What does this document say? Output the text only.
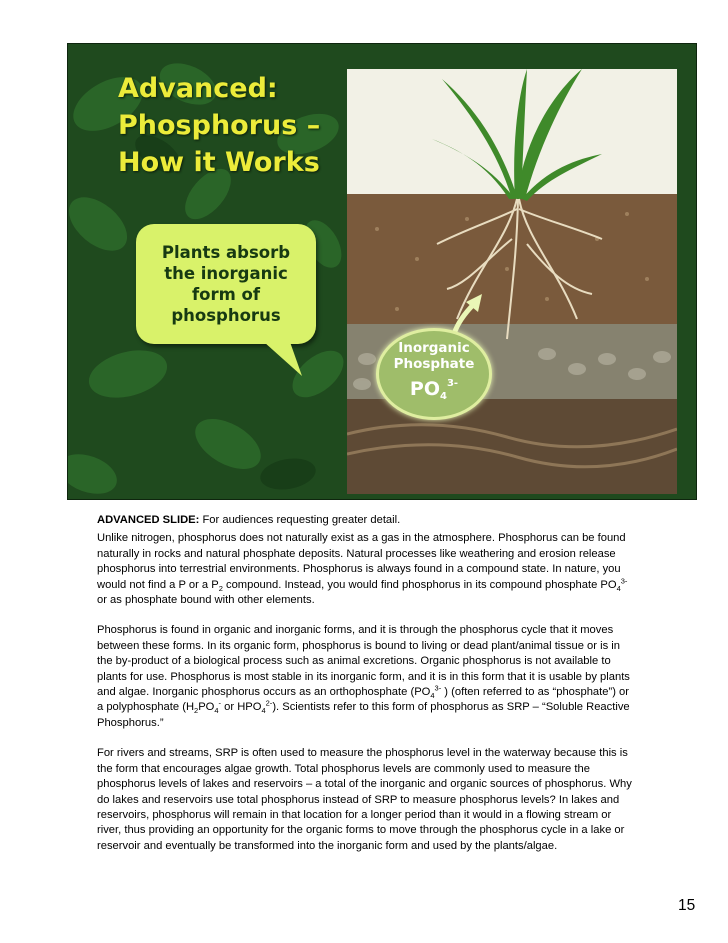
Advanced:
Phosphorus –
How it Works
Plants absorb
the inorganic
form of
phosphorus
Inorganic
Phosphate
$PO_4^{3-}$

ADVANCED SLIDE: For audiences requesting greater detail.

Unlike nitrogen, phosphorus does not naturally exist as a gas in the atmosphere. Phosphorus can be found naturally in rocks and natural phosphate deposits. Natural processes like weathering and erosion release phosphorus into terrestrial environments. Phosphorus is always found in a compound state. In nature, you would not find a P or a $P_2$ compound. Instead, you would find phosphorus in its compound phosphate $PO_4^{3-}$ or as phosphate bound with other elements.

Phosphorus is found in organic and inorganic forms, and it is through the phosphorus cycle that it moves between these forms. In its organic form, phosphorus is bound to living or dead plant/animal tissue or is in the by-product of a biological process such as animal excretions. Organic phosphorus is not available to plants for use. Phosphorus is most stable in its inorganic form, and it is in this form that it is usable by plants and algae. Inorganic phosphorus occurs as an orthophosphate ($PO_4^{3-}$ ) (often referred to as “phosphate”) or a polyphosphate ($H_2PO_4^-$ or $HPO_4^{2-}$). Scientists refer to this form of phosphorus as SRP – “Soluble Reactive Phosphorus.”

For rivers and streams, SRP is often used to measure the phosphorus level in the waterway because this is the form that encourages algae growth. Total phosphorus levels are commonly used to measure the phosphorus levels of lakes and reservoirs – a total of the inorganic and organic sources of phosphorus. Why do lakes and reservoirs use total phosphorus instead of SRP to measure phosphorus levels? In lakes and reservoirs, phosphorus will remain in that location for a longer period than it would in a flowing stream or river, thus providing an opportunity for the organic forms to move through the phosphorus cycle in a lake or reservoir and eventually be transformed into the inorganic form and used by the plants/algae.

15
